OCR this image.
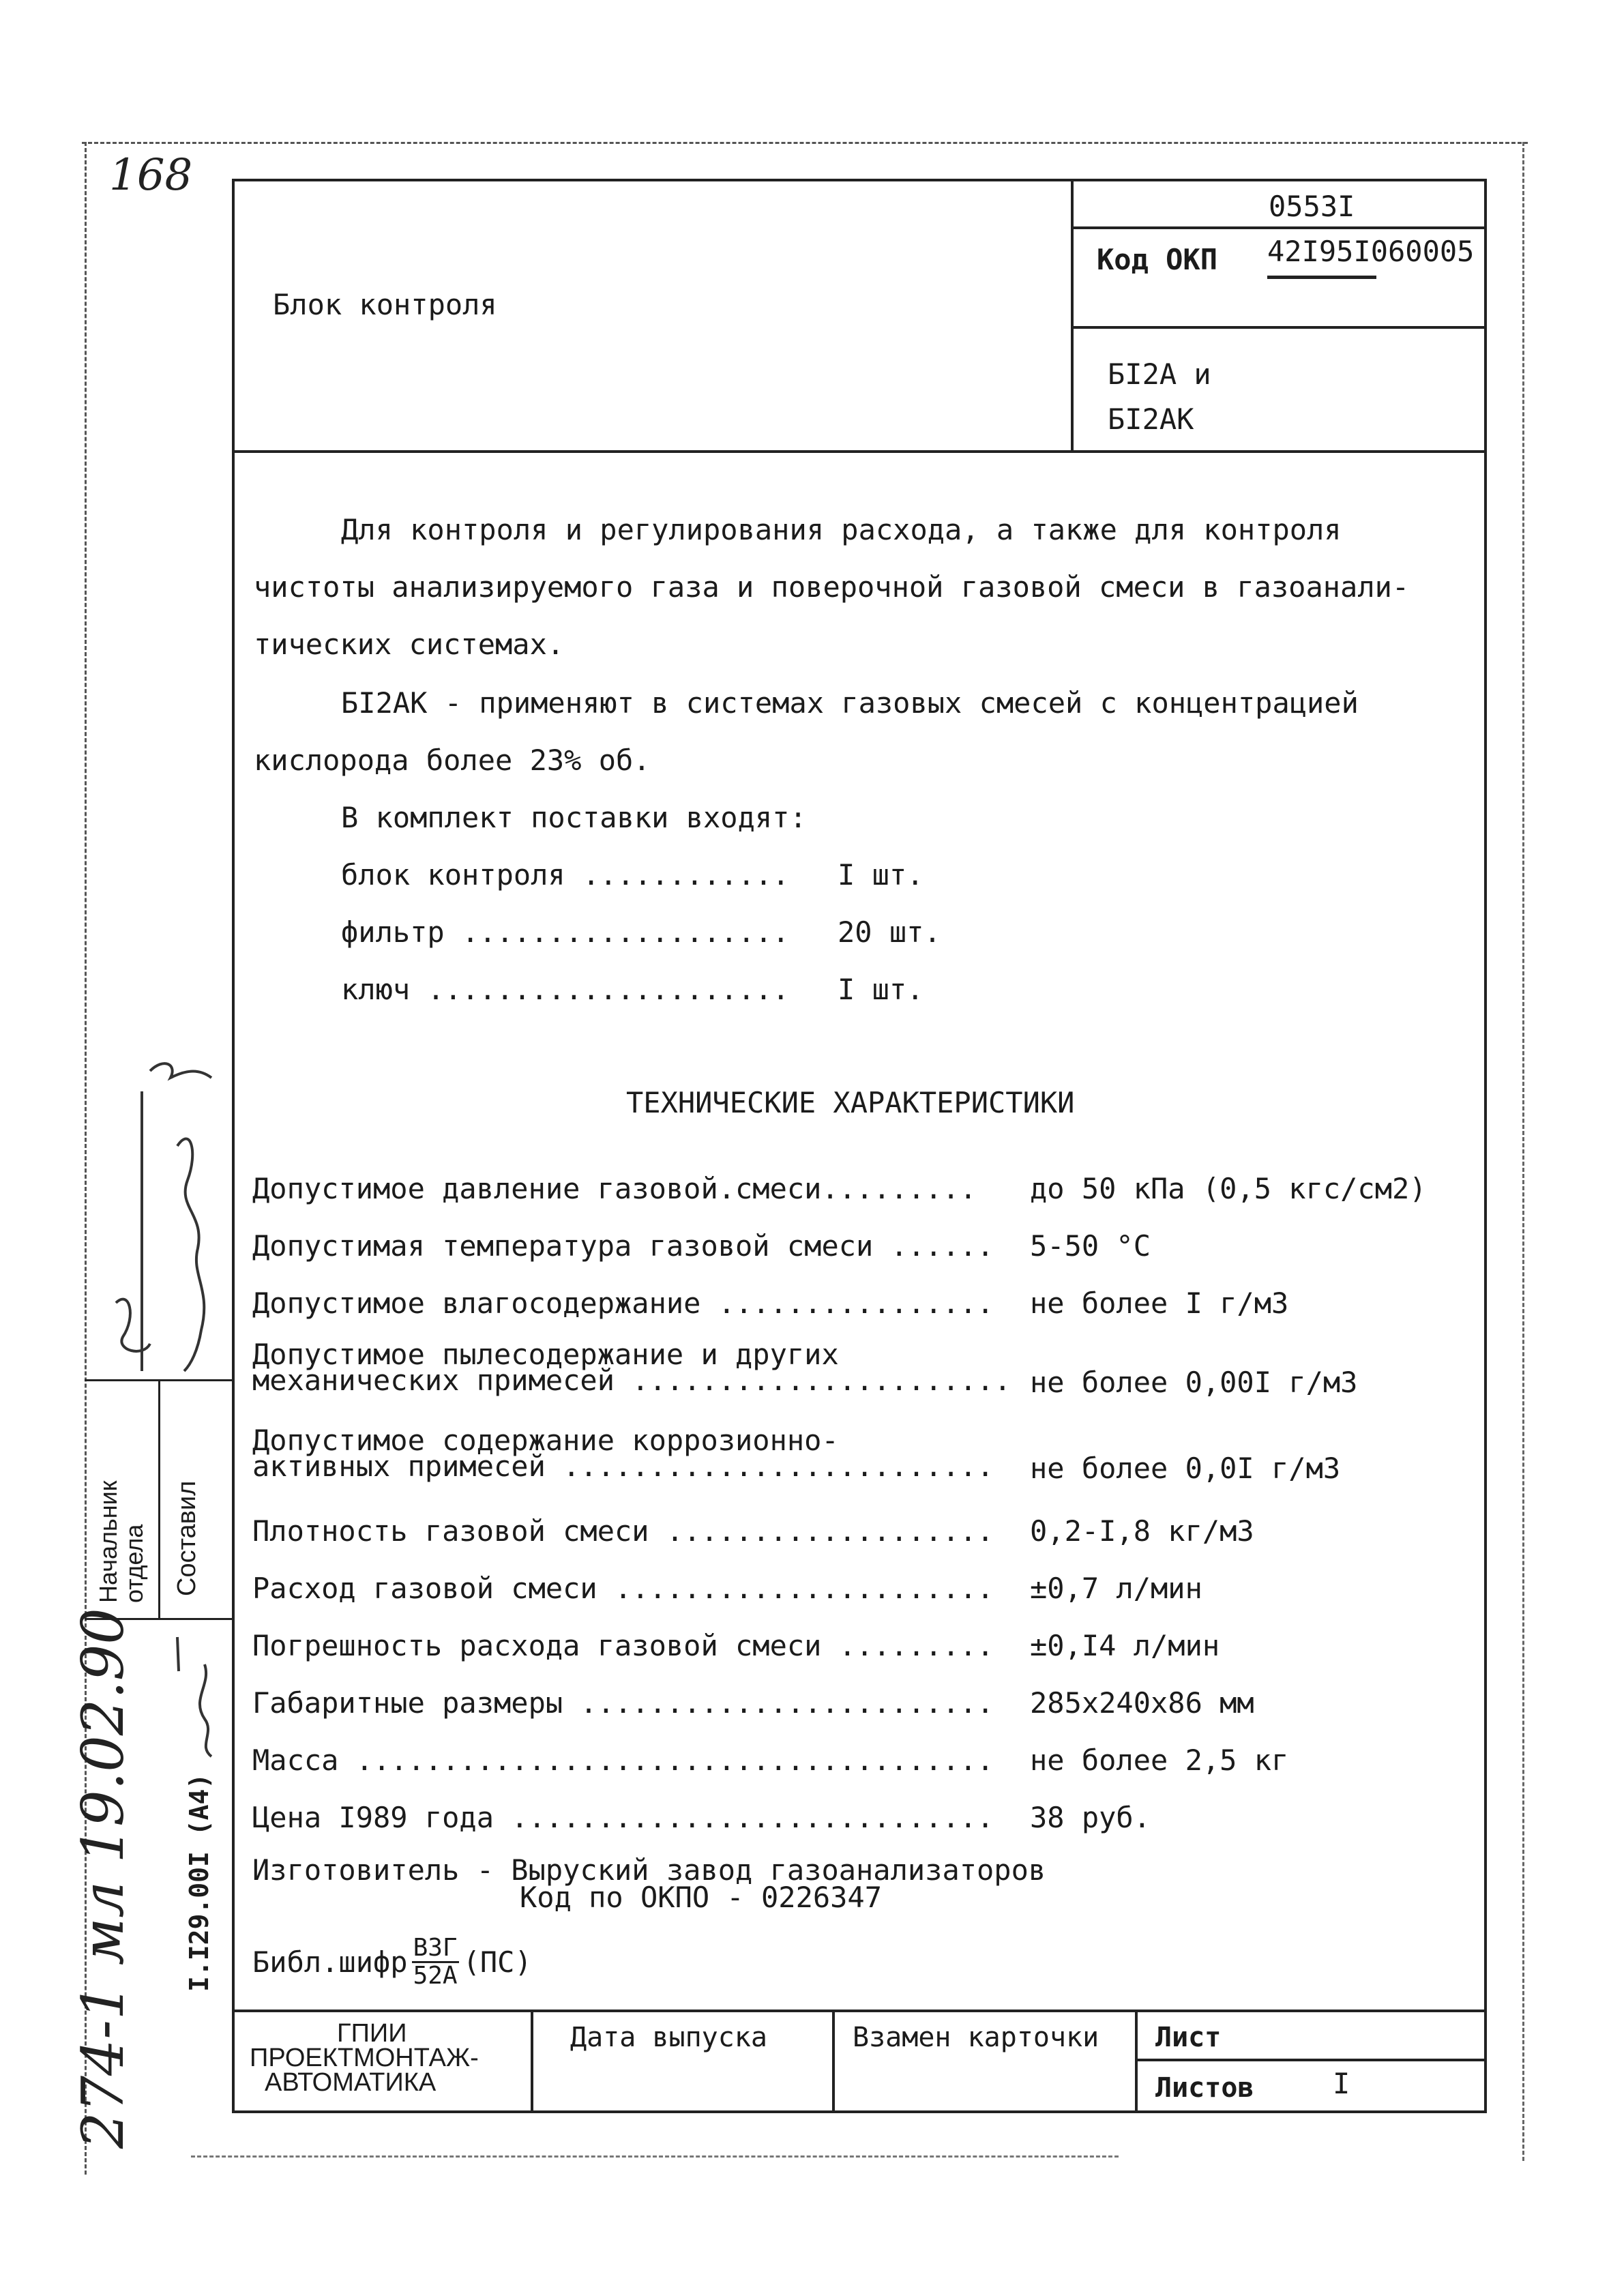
168
Блок контроля
0553I
Код ОКП 42I95I060005
БI2А и
БI2АК
Для контроля и регулирования расхода, а также для контроля
чистоты анализируемого газа и поверочной газовой смеси в газоанали-
тических системах.
БI2АК - применяют в системах газовых смесей с концентрацией
кислорода более 23% об.
В комплект поставки входят:
блок контроля ............ I шт.
фильтр ................... 20 шт.
ключ ..................... I шт.
ТЕХНИЧЕСКИЕ ХАРАКТЕРИСТИКИ
Допустимое давление газовой.смеси......... до 50 кПа (0,5 кгс/см2)
Допустимая температура газовой смеси ...... 5-50 °С
Допустимое влагосодержание ................ не более I г/м3
Допустимое пылесодержание и других
механических примесей ...................... не более 0,00I г/м3
Допустимое содержание коррозионно-
активных примесей ......................... не более 0,0I г/м3
Плотность газовой смеси ................... 0,2-I,8 кг/м3
Расход газовой смеси ...................... ±0,7 л/мин
Погрешность расхода газовой смеси ......... ±0,I4 л/мин
Габаритные размеры ........................ 285x240x86 мм
Масса ..................................... не более 2,5 кг
Цена I989 года ............................ 38 руб.
Изготовитель - Выруский завод газоанализаторов
Код по ОКПО - 0226347
Библ.шифр $\frac{\text{ВЗГ}}{52А} (ПС)$
ГПИИ
ПРОЕКТМОНТАЖ-
АВТОМАТИКА
Дата выпуска	Взамен карточки Лист
Листов	I
Начальник
отдела Составил
I.I29.00I (А4)
274-1 мл 19.02.90
